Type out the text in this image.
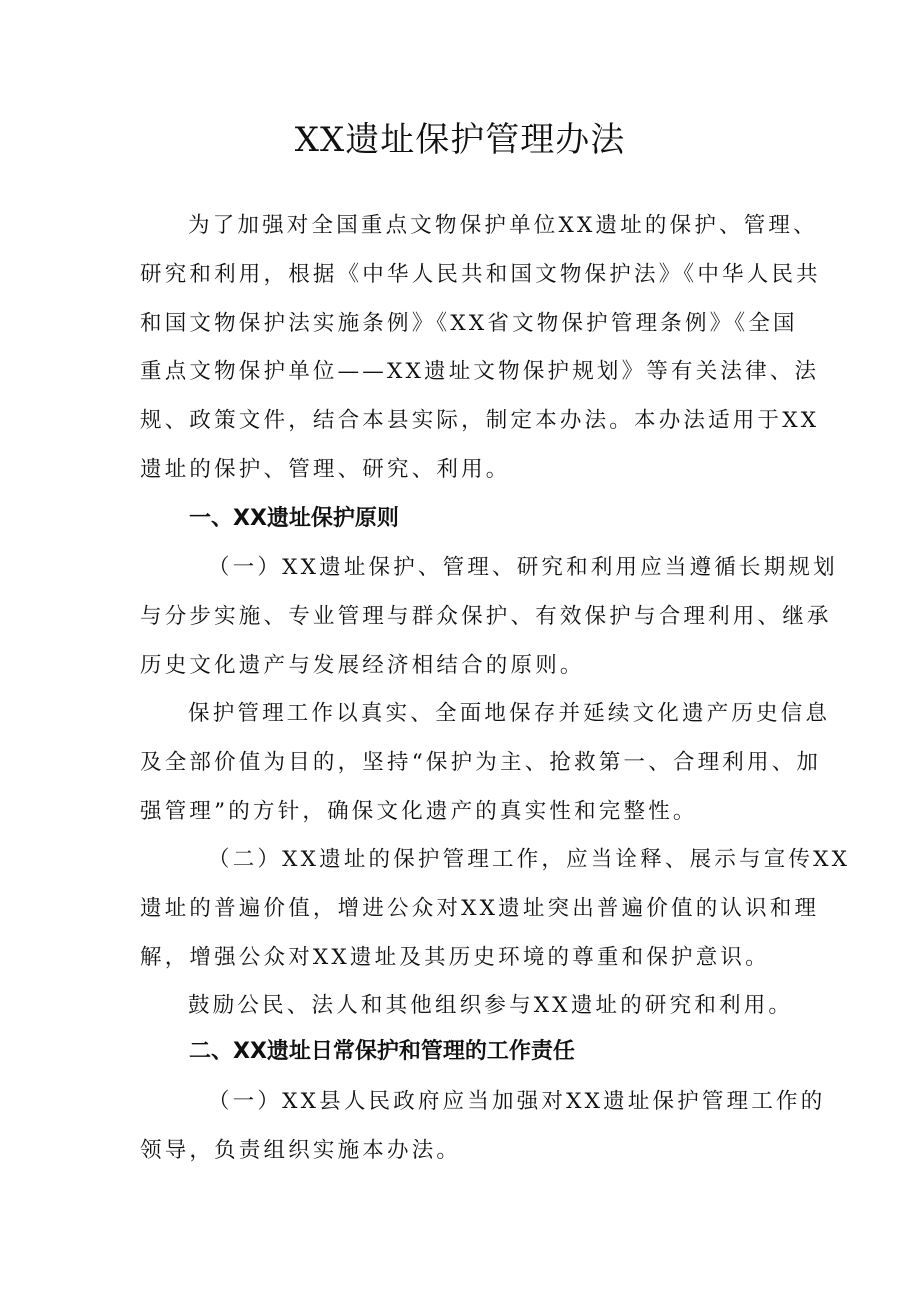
XX遗址保护管理办法
为了加强对全国重点文物保护单位XX遗址的保护、管理、
研究和利用，根据《中华人民共和国文物保护法》《中华人民共
和国文物保护法实施条例》《XX省文物保护管理条例》《全国
重点文物保护单位——XX遗址文物保护规划》等有关法律、法
规、政策文件，结合本县实际，制定本办法。本办法适用于XX
遗址的保护、管理、研究、利用。
一、XX遗址保护原则
（一）XX遗址保护、管理、研究和利用应当遵循长期规划
与分步实施、专业管理与群众保护、有效保护与合理利用、继承
历史文化遗产与发展经济相结合的原则。
保护管理工作以真实、全面地保存并延续文化遗产历史信息
及全部价值为目的，坚持“保护为主、抢救第一、合理利用、加
强管理”的方针，确保文化遗产的真实性和完整性。
（二）XX遗址的保护管理工作，应当诠释、展示与宣传XX
遗址的普遍价值，增进公众对XX遗址突出普遍价值的认识和理
解，增强公众对XX遗址及其历史环境的尊重和保护意识。
鼓励公民、法人和其他组织参与XX遗址的研究和利用。
二、XX遗址日常保护和管理的工作责任
（一）XX县人民政府应当加强对XX遗址保护管理工作的
领导，负责组织实施本办法。
